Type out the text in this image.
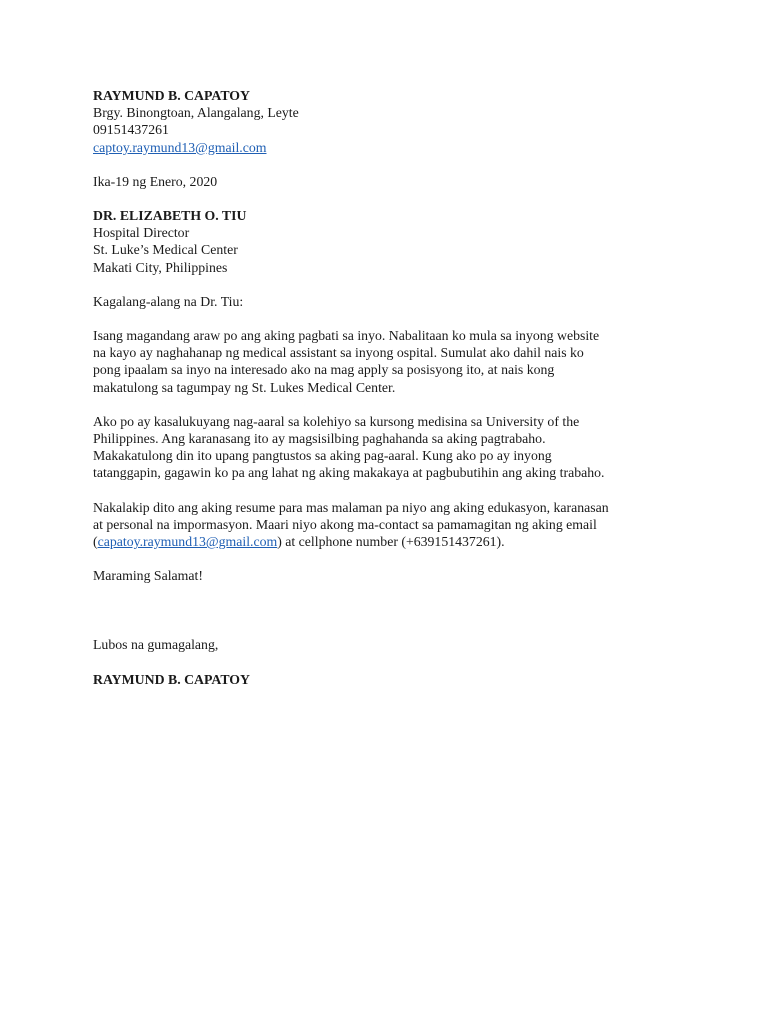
RAYMUND B. CAPATOY
Brgy. Binongtoan, Alangalang, Leyte
09151437261
captoy.raymund13@gmail.com
Ika-19 ng Enero, 2020
DR. ELIZABETH O. TIU
Hospital Director
St. Luke’s Medical Center
Makati City, Philippines
Kagalang-alang na Dr. Tiu:
Isang magandang araw po ang aking pagbati sa inyo. Nabalitaan ko mula sa inyong website
na kayo ay naghahanap ng medical assistant sa inyong ospital. Sumulat ako dahil nais ko
pong ipaalam sa inyo na interesado ako na mag apply sa posisyong ito, at nais kong
makatulong sa tagumpay ng St. Lukes Medical Center.
Ako po ay kasalukuyang nag-aaral sa kolehiyo sa kursong medisina sa University of the
Philippines. Ang karanasang ito ay magsisilbing paghahanda sa aking pagtrabaho.
Makakatulong din ito upang pangtustos sa aking pag-aaral. Kung ako po ay inyong
tatanggapin, gagawin ko pa ang lahat ng aking makakaya at pagbubutihin ang aking trabaho.
Nakalakip dito ang aking resume para mas malaman pa niyo ang aking edukasyon, karanasan
at personal na impormasyon. Maari niyo akong ma-contact sa pamamagitan ng aking email
(capatoy.raymund13@gmail.com) at cellphone number (+639151437261).
Maraming Salamat!
Lubos na gumagalang,
RAYMUND B. CAPATOY
